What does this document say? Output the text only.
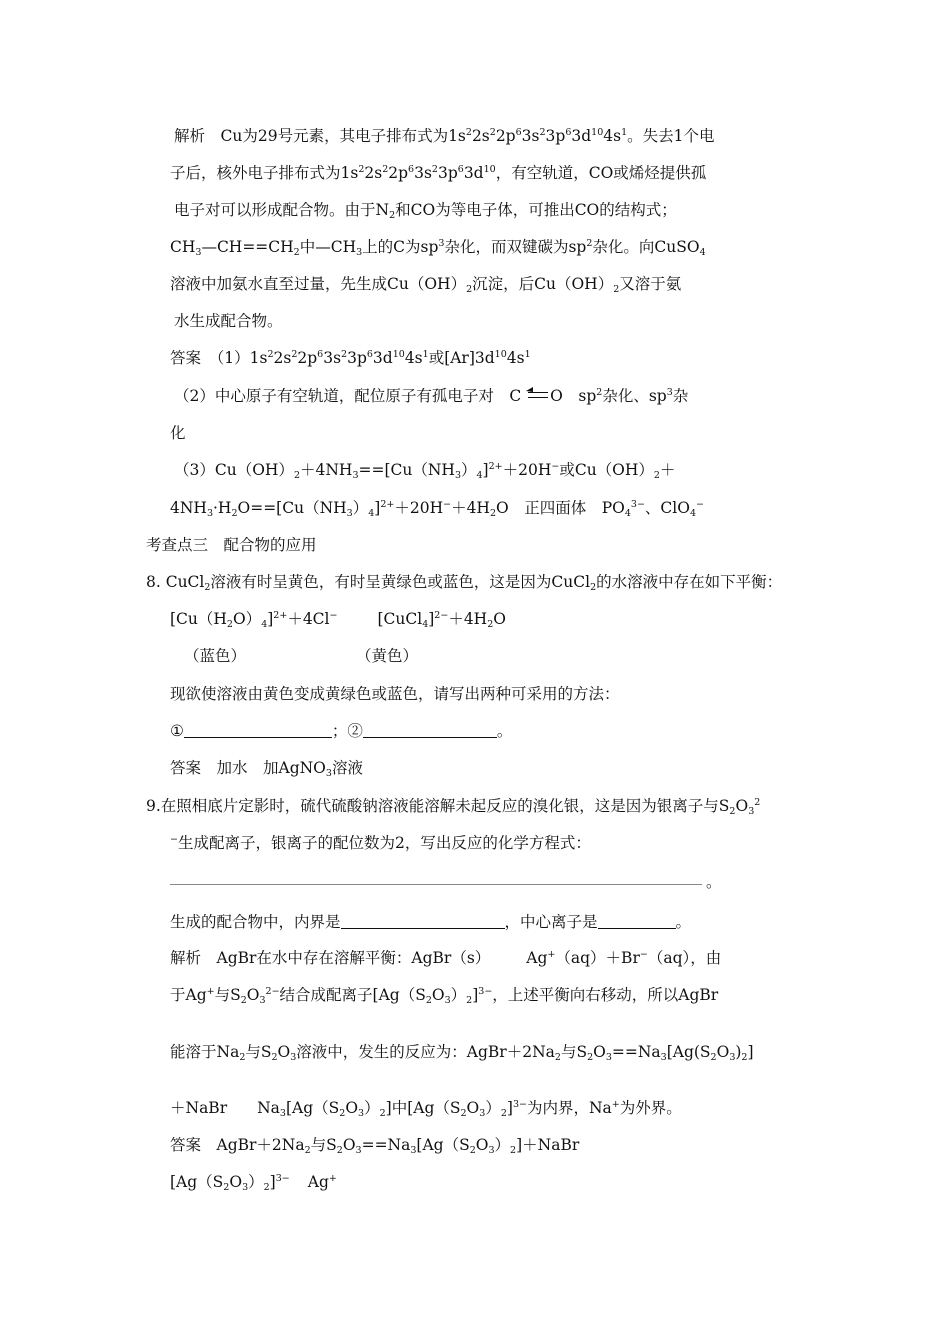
解析　Cu为29号元素，其电子排布式为$1s^22s^22p^63s^23p^63d^{10}4s^1$。失去1个电
子后，核外电子排布式为$1s^22s^22p^63s^23p^63d^{10}$，有空轨道，CO或烯烃提供孤
电子对可以形成配合物。由于$N_2$和CO为等电子体，可推出CO的结构式；
$CH_3—CH==CH_2$中$—CH_3$上的C为$sp^3$杂化，而双键碳为$sp^2$杂化。向CuSO$_4$
溶液中加氨水直至过量，先生成$Cu(OH)_2$沉淀，后$Cu(OH)_2$又溶于氨
水生成配合物。
答案　$(1)1s^22s^22p^63s^23p^63d^{10}4s^1$或$[Ar]3d^{10}4s^1$
（2）中心原子有空轨道，配位原子有孤电子对　C O　$sp^2$杂化、$sp^3$杂
化
$(3)Cu(OH)_2+4NH_3==[Cu(NH_3)_4]^{2+}+20H^-$或$Cu(OH)_2+$
$4NH_3\cdot H_2O==[Cu(NH_3)_4]^{2+}+20H^-+4H_2O$　正四面体　$PO_4^{3-}$、ClO$_4$−
考查点三　配合物的应用
8. CuCl$_2$溶液有时呈黄色，有时呈黄绿色或蓝色，这是因为CuCl$_2$的水溶液中存在如下平衡：
$[Cu(H_2O)_4]^{2+}+4Cl^-$	$[CuCl_4]^{2-}+4H_2O$
（蓝色）	（黄色）
现欲使溶液由黄色变成黄绿色或蓝色，请写出两种可采用的方法：
①	；②	。
答案　加水　加AgNO$_3$溶液
9.在照相底片定影时，硫代硫酸钠溶液能溶解未起反应的溴化银，这是因为银离子与$S_2O_3^2$
−生成配离子，银离子的配位数为2，写出反应的化学方程式：
。
生成的配合物中，内界是	，中心离子是	。
解析　AgBr在水中存在溶解平衡：AgBr（s） Ag+（aq）＋Br−（aq），由
于Ag+与$S_2O_3^{2-}$结合成配离子$[Ag(S_2O_3)_2]^{3-}$，上述平衡向右移动，所以AgBr
能溶于$Na_2$与$S_2O_3$溶液中，发生的反应为：$AgBr+2Na_2$与$S_2O_3==Na_3[Ag(S_2O_3)_2]$
＋NaBr $Na_3[Ag(S_2O_3)_2]$中$[Ag(S_2O_3)_2]^{3-}$为内界，Na+为外界。
答案　$AgBr+2Na_2$与$S_2O_3==Na_3[Ag(S_2O_3)_2]+NaBr$
$[Ag(S_2O_3)_2]^{3-}$ Ag+
